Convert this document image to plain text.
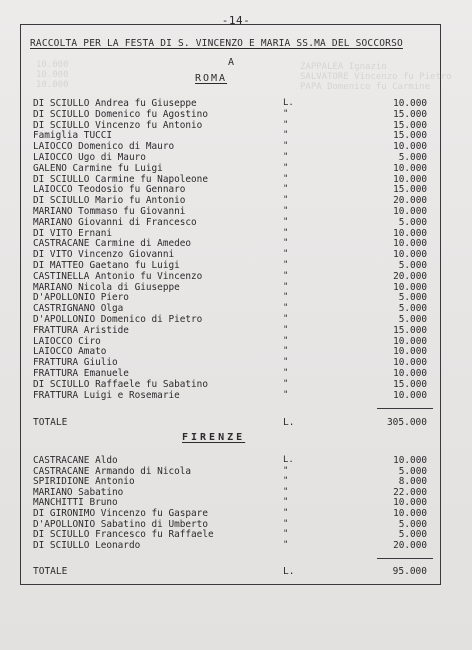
10.000
10.000
10.000
ZAPPALEA Ignazio
SALVATORE Vincenzo fu Pietro
PAPA Domenico fu Carmine
-14-
RACCOLTA PER LA FESTA DI S. VINCENZO E MARIA SS.MA DEL SOCCORSO
A
ROMA
DI SCIULLO Andrea fu Giuseppe	L.	10.000
DI SCIULLO Domenico fu Agostino	"	15.000
DI SCIULLO Vincenzo fu Antonio	"	15.000
Famiglia TUCCI	"	15.000
LAIOCCO Domenico di Mauro	"	10.000
LAIOCCO Ugo di Mauro	"	5.000
GALENO Carmine fu Luigi	"	10.000
DI SCIULLO Carmine fu Napoleone	"	10.000
LAIOCCO Teodosio fu Gennaro	"	15.000
DI SCIULLO Mario fu Antonio	"	20.000
MARIANO Tommaso fu Giovanni	"	10.000
MARIANO Giovanni di Francesco	"	5.000
DI VITO Ernani	"	10.000
CASTRACANE Carmine di Amedeo	"	10.000
DI VITO Vincenzo Giovanni	"	10.000
DI MATTEO Gaetano fu Luigi	"	5.000
CASTINELLA Antonio fu Vincenzo	"	20.000
MARIANO Nicola di Giuseppe	"	10.000
D'APOLLONIO Piero	"	5.000
CASTRIGNANO Olga	"	5.000
D'APOLLONIO Domenico di Pietro	"	5.000
FRATTURA Aristide	"	15.000
LAIOCCO Ciro	"	10.000
LAIOCCO Amato	"	10.000
FRATTURA Giulio	"	10.000
FRATTURA Emanuele	"	10.000
DI SCIULLO Raffaele fu Sabatino	"	15.000
FRATTURA Luigi e Rosemarie	"	10.000
TOTALE	L.	305.000
FIRENZE
CASTRACANE Aldo	L.	10.000
CASTRACANE Armando di Nicola	"	5.000
SPIRIDIONE Antonio	"	8.000
MARIANO Sabatino	"	22.000
MANCHITTI Bruno	"	10.000
DI GIRONIMO Vincenzo fu Gaspare	"	10.000
D'APOLLONIO Sabatino di Umberto	"	5.000
DI SCIULLO Francesco fu Raffaele	"	5.000
DI SCIULLO Leonardo	"	20.000
TOTALE	L.	95.000
